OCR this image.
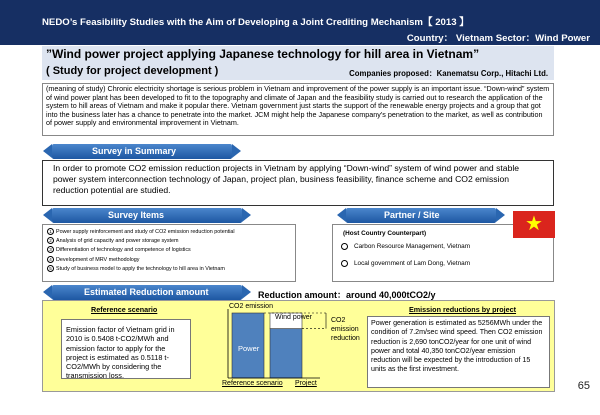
NEDO’s Feasibility Studies with the Aim of Developing a Joint Crediting Mechanism【 2013 】
Country： Vietnam Sector：Wind Power
”Wind power project applying Japanese technology for hill area in Vietnam”
( Study for project development )	Companies proposed：Kanematsu Corp., Hitachi Ltd.
(meaning of study) Chronic electricity shortage is serious problem in Vietnam and improvement of the power supply is an important issue. “Down-wind” system of wind power plant has been developed to fit to the topography and climate of Japan and the feasibility study is carried out to research the application of the system to hill areas of Vietnam and make it popular there. Vietnam government just starts the support of the renewable energy projects and a group that got into the business later has a chance to penetrate into the market. JCM might help the Japanese company’s penetration to the market, as well as contribution of power supply and environmental improvement in Vietnam.
Survey in Summary
In order to promote CO2 emission reduction projects in Vietnam by applying “Down-wind” system of wind power and stable power system interconnection technology of Japan, project plan, business feasibility, finance scheme and CO2 emission reduction potential are studied.
Survey Items
1 Power supply reinforcement and study of CO2 emission reduction potential
2 Analysis of grid capacity and power storage system
3 Differentiation of technology and competence of logistics
4 Development of MRV methodology
5 Study of business model to apply the technology to hill area in Vietnam
Partner / Site
(Host Country Counterpart)
Carbon Resource Management, Vietnam
Local government of Lam Dong, Vietnam
★
Estimated Reduction amount	Reduction amount：around 40,000tCO2/y
Reference scenario
Emission factor of Vietnam grid in 2010 is 0.5408 t-CO2/MWh and emission factor to apply for the project is estimated as 0.5118 t-CO2/MWh by considering the transmission loss.
Emission reductions by project
Power generation is estimated as 5256MWh under the condition of 7.2m/sec wind speed. Then CO2 emission reduction is 2,690 tonCO2/year for one unit of wind power and total 40,350 tonCO2/year emission reduction will be expected by the introduction of 15 units as the first investment.
CO2 emission
Power
Wind power	CO2 emission reduction
Reference scenario Project	65
